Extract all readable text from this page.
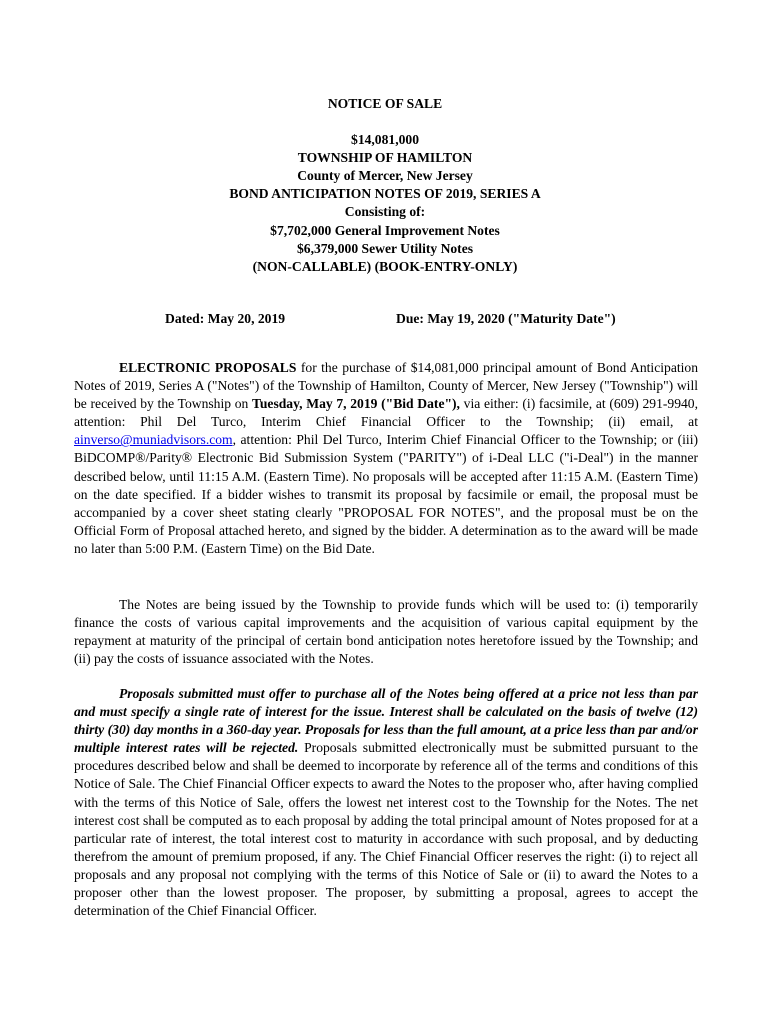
NOTICE OF SALE
$14,081,000
TOWNSHIP OF HAMILTON
County of Mercer, New Jersey
BOND ANTICIPATION NOTES OF 2019, SERIES A
Consisting of:
$7,702,000 General Improvement Notes
$6,379,000 Sewer Utility Notes
(NON-CALLABLE) (BOOK-ENTRY-ONLY)
Dated: May 20, 2019	Due: May 19, 2020 ("Maturity Date")
ELECTRONIC PROPOSALS for the purchase of $14,081,000 principal amount of Bond Anticipation Notes of 2019, Series A ("Notes") of the Township of Hamilton, County of Mercer, New Jersey ("Township") will be received by the Township on Tuesday, May 7, 2019 ("Bid Date"), via either: (i) facsimile, at (609) 291-9940, attention: Phil Del Turco, Interim Chief Financial Officer to the Township; (ii) email, at ainverso@muniadvisors.com, attention: Phil Del Turco, Interim Chief Financial Officer to the Township; or (iii) BiDCOMP®/Parity® Electronic Bid Submission System ("PARITY") of i-Deal LLC ("i-Deal") in the manner described below, until 11:15 A.M. (Eastern Time). No proposals will be accepted after 11:15 A.M. (Eastern Time) on the date specified. If a bidder wishes to transmit its proposal by facsimile or email, the proposal must be accompanied by a cover sheet stating clearly "PROPOSAL FOR NOTES", and the proposal must be on the Official Form of Proposal attached hereto, and signed by the bidder. A determination as to the award will be made no later than 5:00 P.M. (Eastern Time) on the Bid Date.
The Notes are being issued by the Township to provide funds which will be used to: (i) temporarily finance the costs of various capital improvements and the acquisition of various capital equipment by the repayment at maturity of the principal of certain bond anticipation notes heretofore issued by the Township; and (ii) pay the costs of issuance associated with the Notes.
Proposals submitted must offer to purchase all of the Notes being offered at a price not less than par and must specify a single rate of interest for the issue. Interest shall be calculated on the basis of twelve (12) thirty (30) day months in a 360-day year. Proposals for less than the full amount, at a price less than par and/or multiple interest rates will be rejected. Proposals submitted electronically must be submitted pursuant to the procedures described below and shall be deemed to incorporate by reference all of the terms and conditions of this Notice of Sale. The Chief Financial Officer expects to award the Notes to the proposer who, after having complied with the terms of this Notice of Sale, offers the lowest net interest cost to the Township for the Notes. The net interest cost shall be computed as to each proposal by adding the total principal amount of Notes proposed for at a particular rate of interest, the total interest cost to maturity in accordance with such proposal, and by deducting therefrom the amount of premium proposed, if any. The Chief Financial Officer reserves the right: (i) to reject all proposals and any proposal not complying with the terms of this Notice of Sale or (ii) to award the Notes to a proposer other than the lowest proposer. The proposer, by submitting a proposal, agrees to accept the determination of the Chief Financial Officer.
